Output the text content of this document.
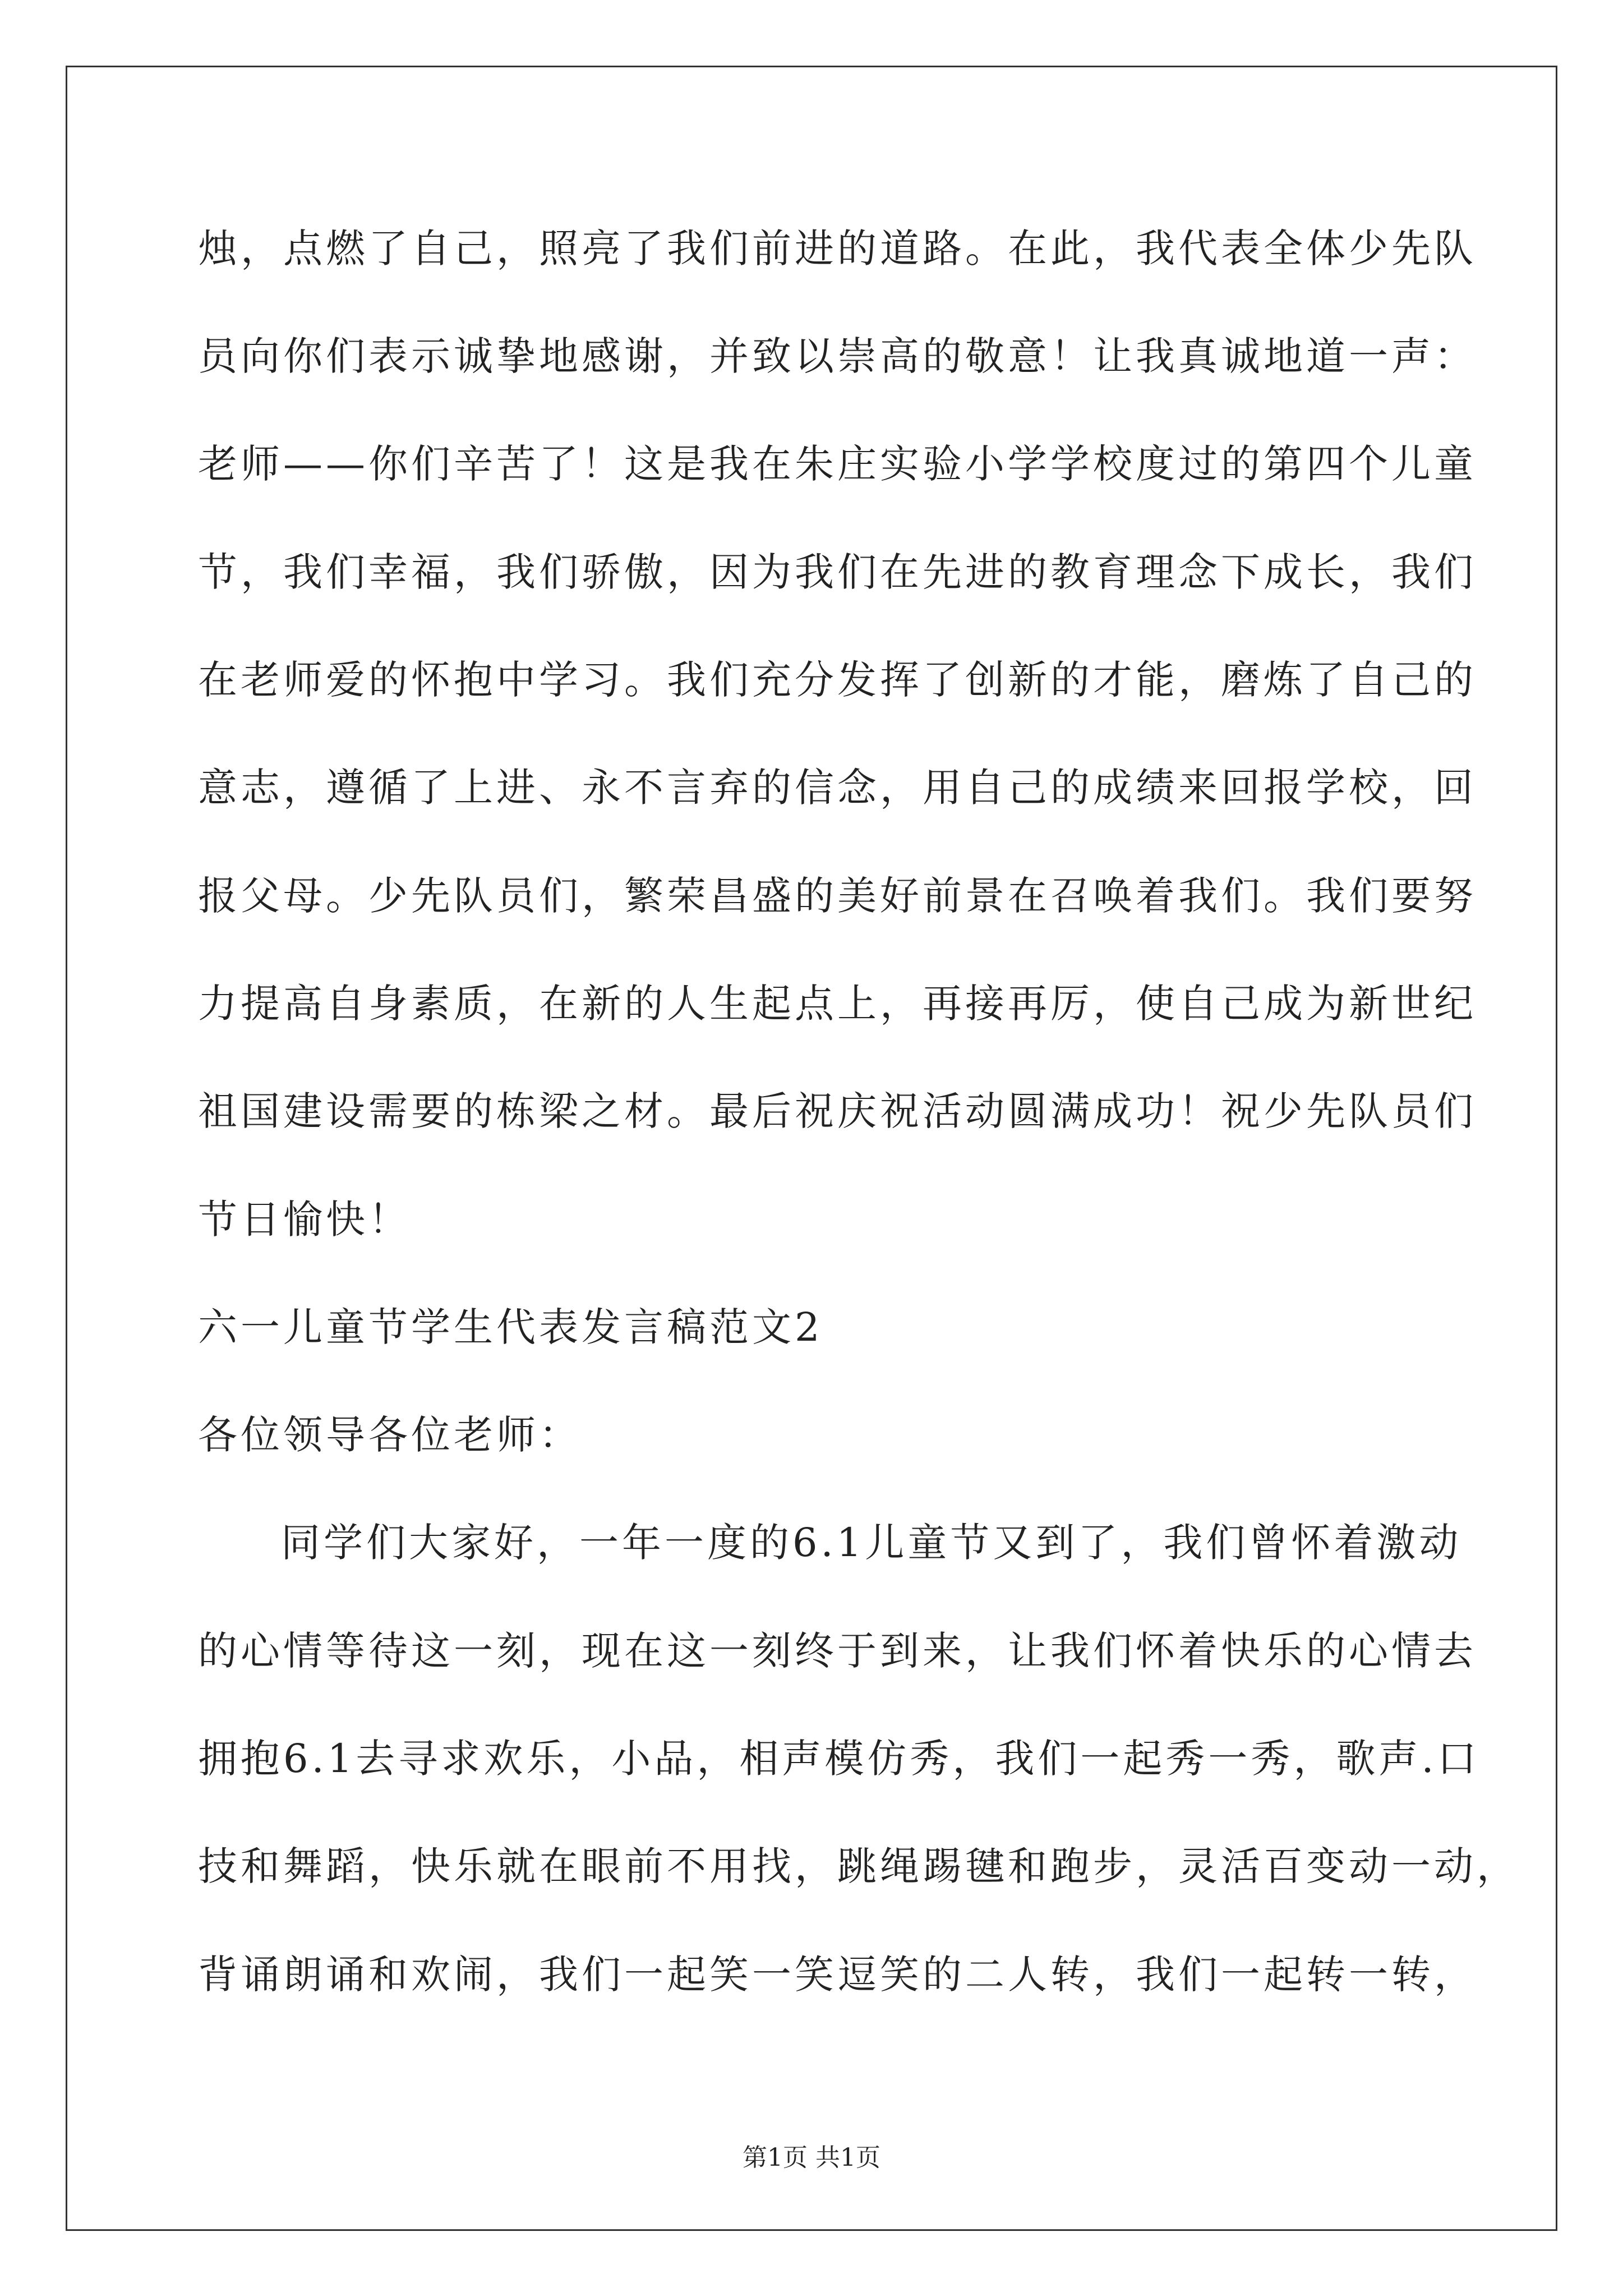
烛，点燃了自己，照亮了我们前进的道路。在此，我代表全体少先队
员向你们表示诚挚地感谢，并致以崇高的敬意！让我真诚地道一声：
老师——你们辛苦了！这是我在朱庄实验小学学校度过的第四个儿童
节，我们幸福，我们骄傲，因为我们在先进的教育理念下成长，我们
在老师爱的怀抱中学习。我们充分发挥了创新的才能，磨炼了自己的
意志，遵循了上进、永不言弃的信念，用自己的成绩来回报学校，回
报父母。少先队员们，繁荣昌盛的美好前景在召唤着我们。我们要努
力提高自身素质，在新的人生起点上，再接再厉，使自己成为新世纪
祖国建设需要的栋梁之材。最后祝庆祝活动圆满成功！祝少先队员们
节日愉快！
六一儿童节学生代表发言稿范文2
各位领导各位老师：
同学们大家好，一年一度的6.1儿童节又到了，我们曾怀着激动
的心情等待这一刻，现在这一刻终于到来，让我们怀着快乐的心情去
拥抱6.1去寻求欢乐，小品，相声模仿秀，我们一起秀一秀，歌声.口
技和舞蹈，快乐就在眼前不用找，跳绳踢毽和跑步，灵活百变动一动，
背诵朗诵和欢闹，我们一起笑一笑逗笑的二人转，我们一起转一转，
第1页 共1页
